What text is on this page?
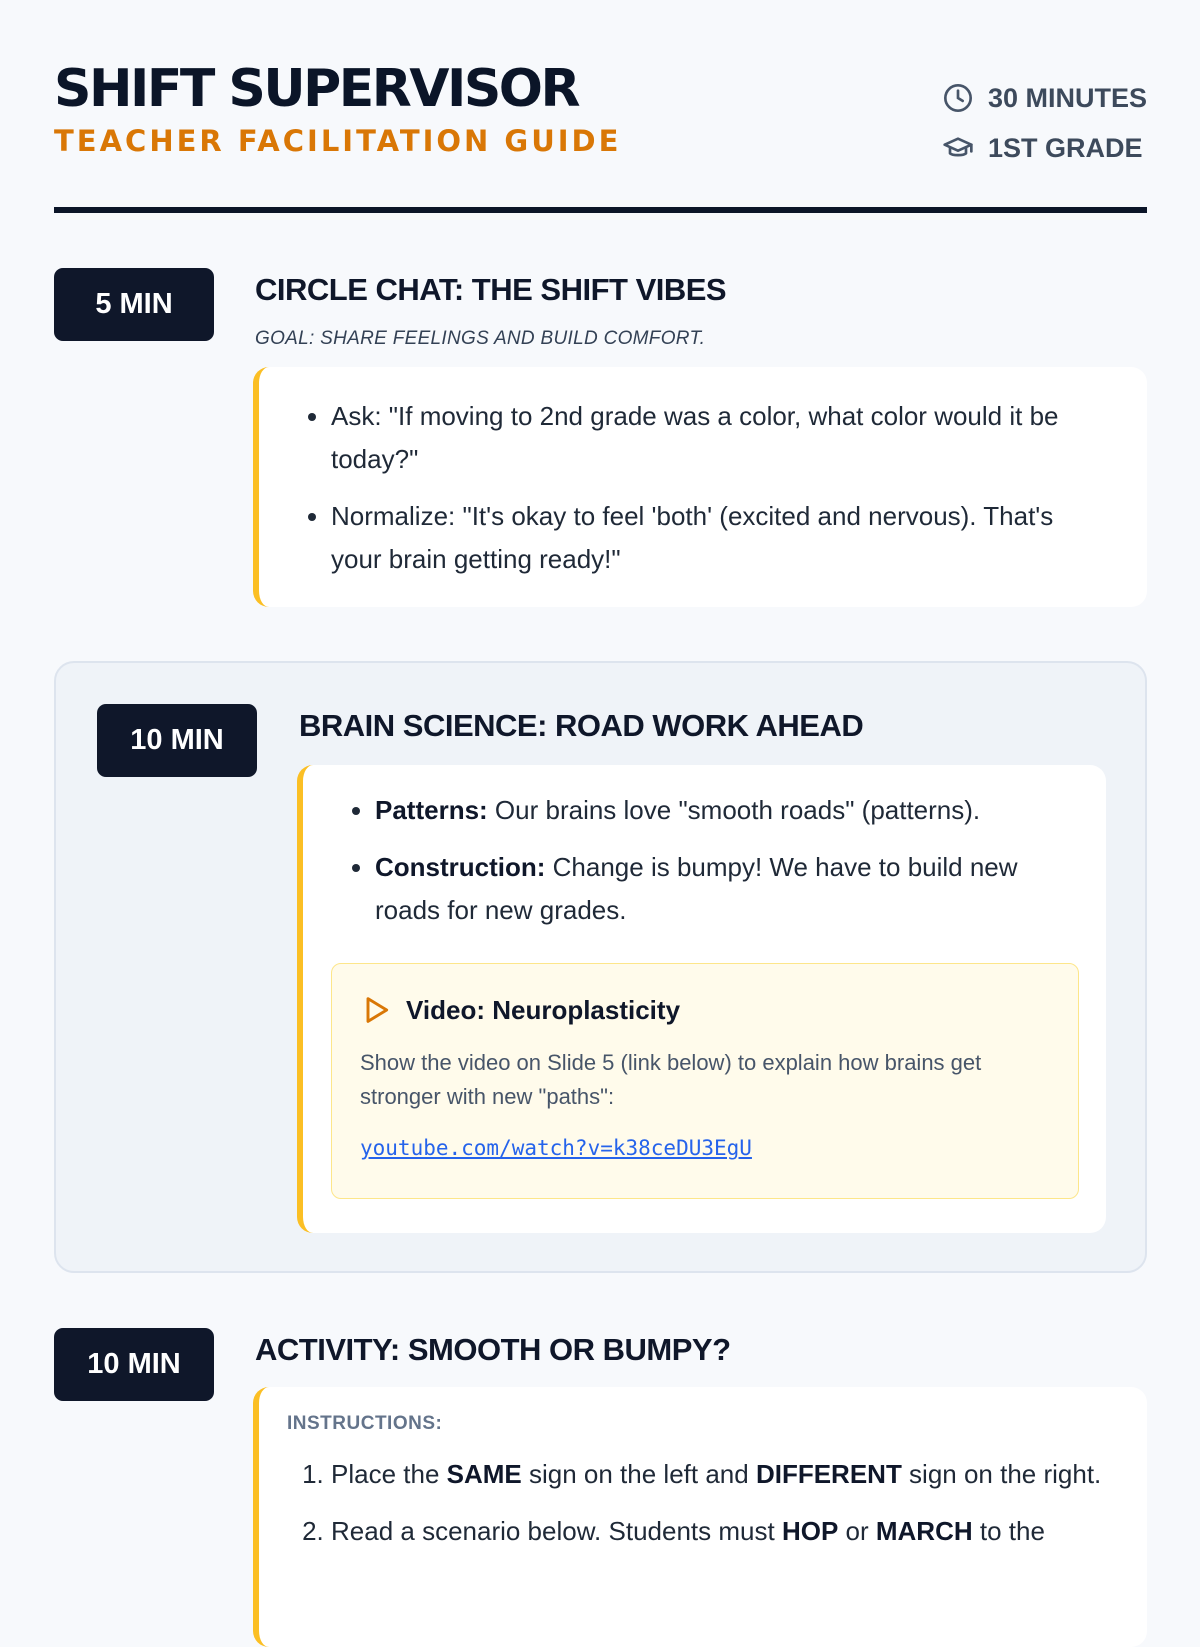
SHIFT SUPERVISOR
TEACHER FACILITATION GUIDE
30 MINUTES
1ST GRADE
5 MIN	CIRCLE CHAT: THE SHIFT VIBES
GOAL: SHARE FEELINGS AND BUILD COMFORT.
• Ask: "If moving to 2nd grade was a color, what color would it be today?"
• Normalize: "It's okay to feel 'both' (excited and nervous). That's your brain getting ready!"
10 MIN	BRAIN SCIENCE: ROAD WORK AHEAD
• Patterns: Our brains love "smooth roads" (patterns).
• Construction: Change is bumpy! We have to build new roads for new grades.
Video: Neuroplasticity
Show the video on Slide 5 (link below) to explain how brains get stronger with new "paths":
youtube.com/watch?v=k38ceDU3EgU
10 MIN	ACTIVITY: SMOOTH OR BUMPY?
INSTRUCTIONS:
1. Place the SAME sign on the left and DIFFERENT sign on the right.
2. Read a scenario below. Students must HOP or MARCH to the
